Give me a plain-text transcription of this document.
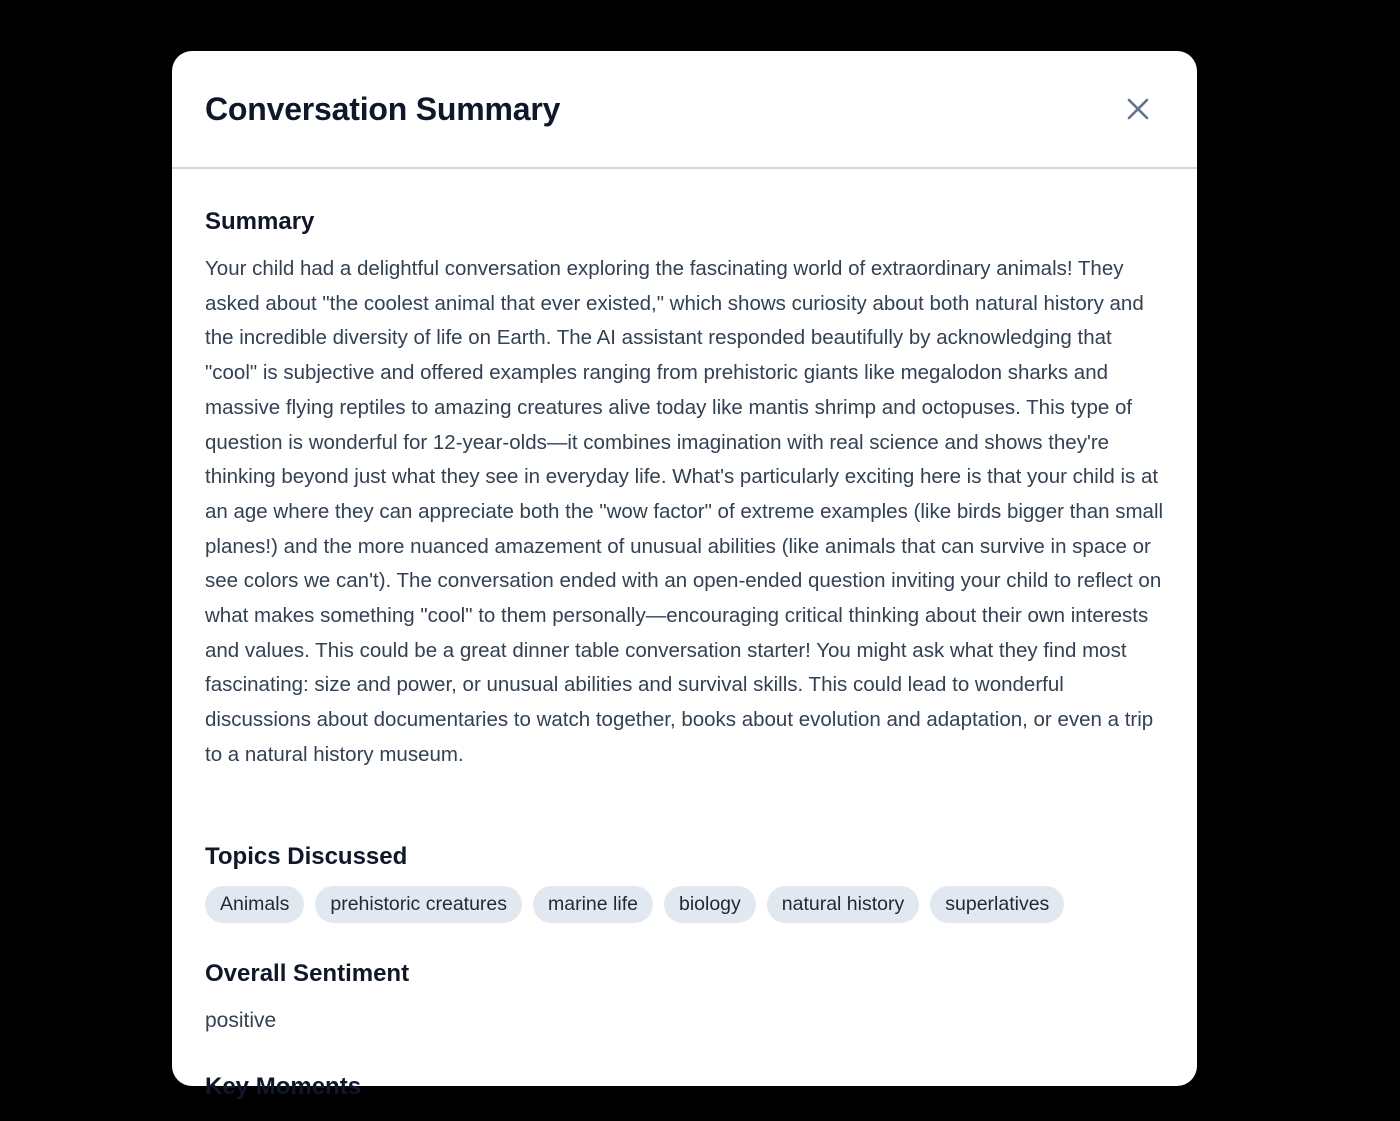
Conversation Summary
Summary

Your child had a delightful conversation exploring the fascinating world of extraordinary animals! They asked about "the coolest animal that ever existed," which shows curiosity about both natural history and the incredible diversity of life on Earth. The AI assistant responded beautifully by acknowledging that "cool" is subjective and offered examples ranging from prehistoric giants like megalodon sharks and massive flying reptiles to amazing creatures alive today like mantis shrimp and octopuses. This type of question is wonderful for 12-year-olds—it combines imagination with real science and shows they're thinking beyond just what they see in everyday life. What's particularly exciting here is that your child is at an age where they can appreciate both the "wow factor" of extreme examples (like birds bigger than small planes!) and the more nuanced amazement of unusual abilities (like animals that can survive in space or see colors we can't). The conversation ended with an open-ended question inviting your child to reflect on what makes something "cool" to them personally—encouraging critical thinking about their own interests and values. This could be a great dinner table conversation starter! You might ask what they find most fascinating: size and power, or unusual abilities and survival skills. This could lead to wonderful discussions about documentaries to watch together, books about evolution and adaptation, or even a trip to a natural history museum.

Topics Discussed
Animals	prehistoric creatures	marine life	biology	natural history	superlatives
Overall Sentiment

positive

Key Moments
